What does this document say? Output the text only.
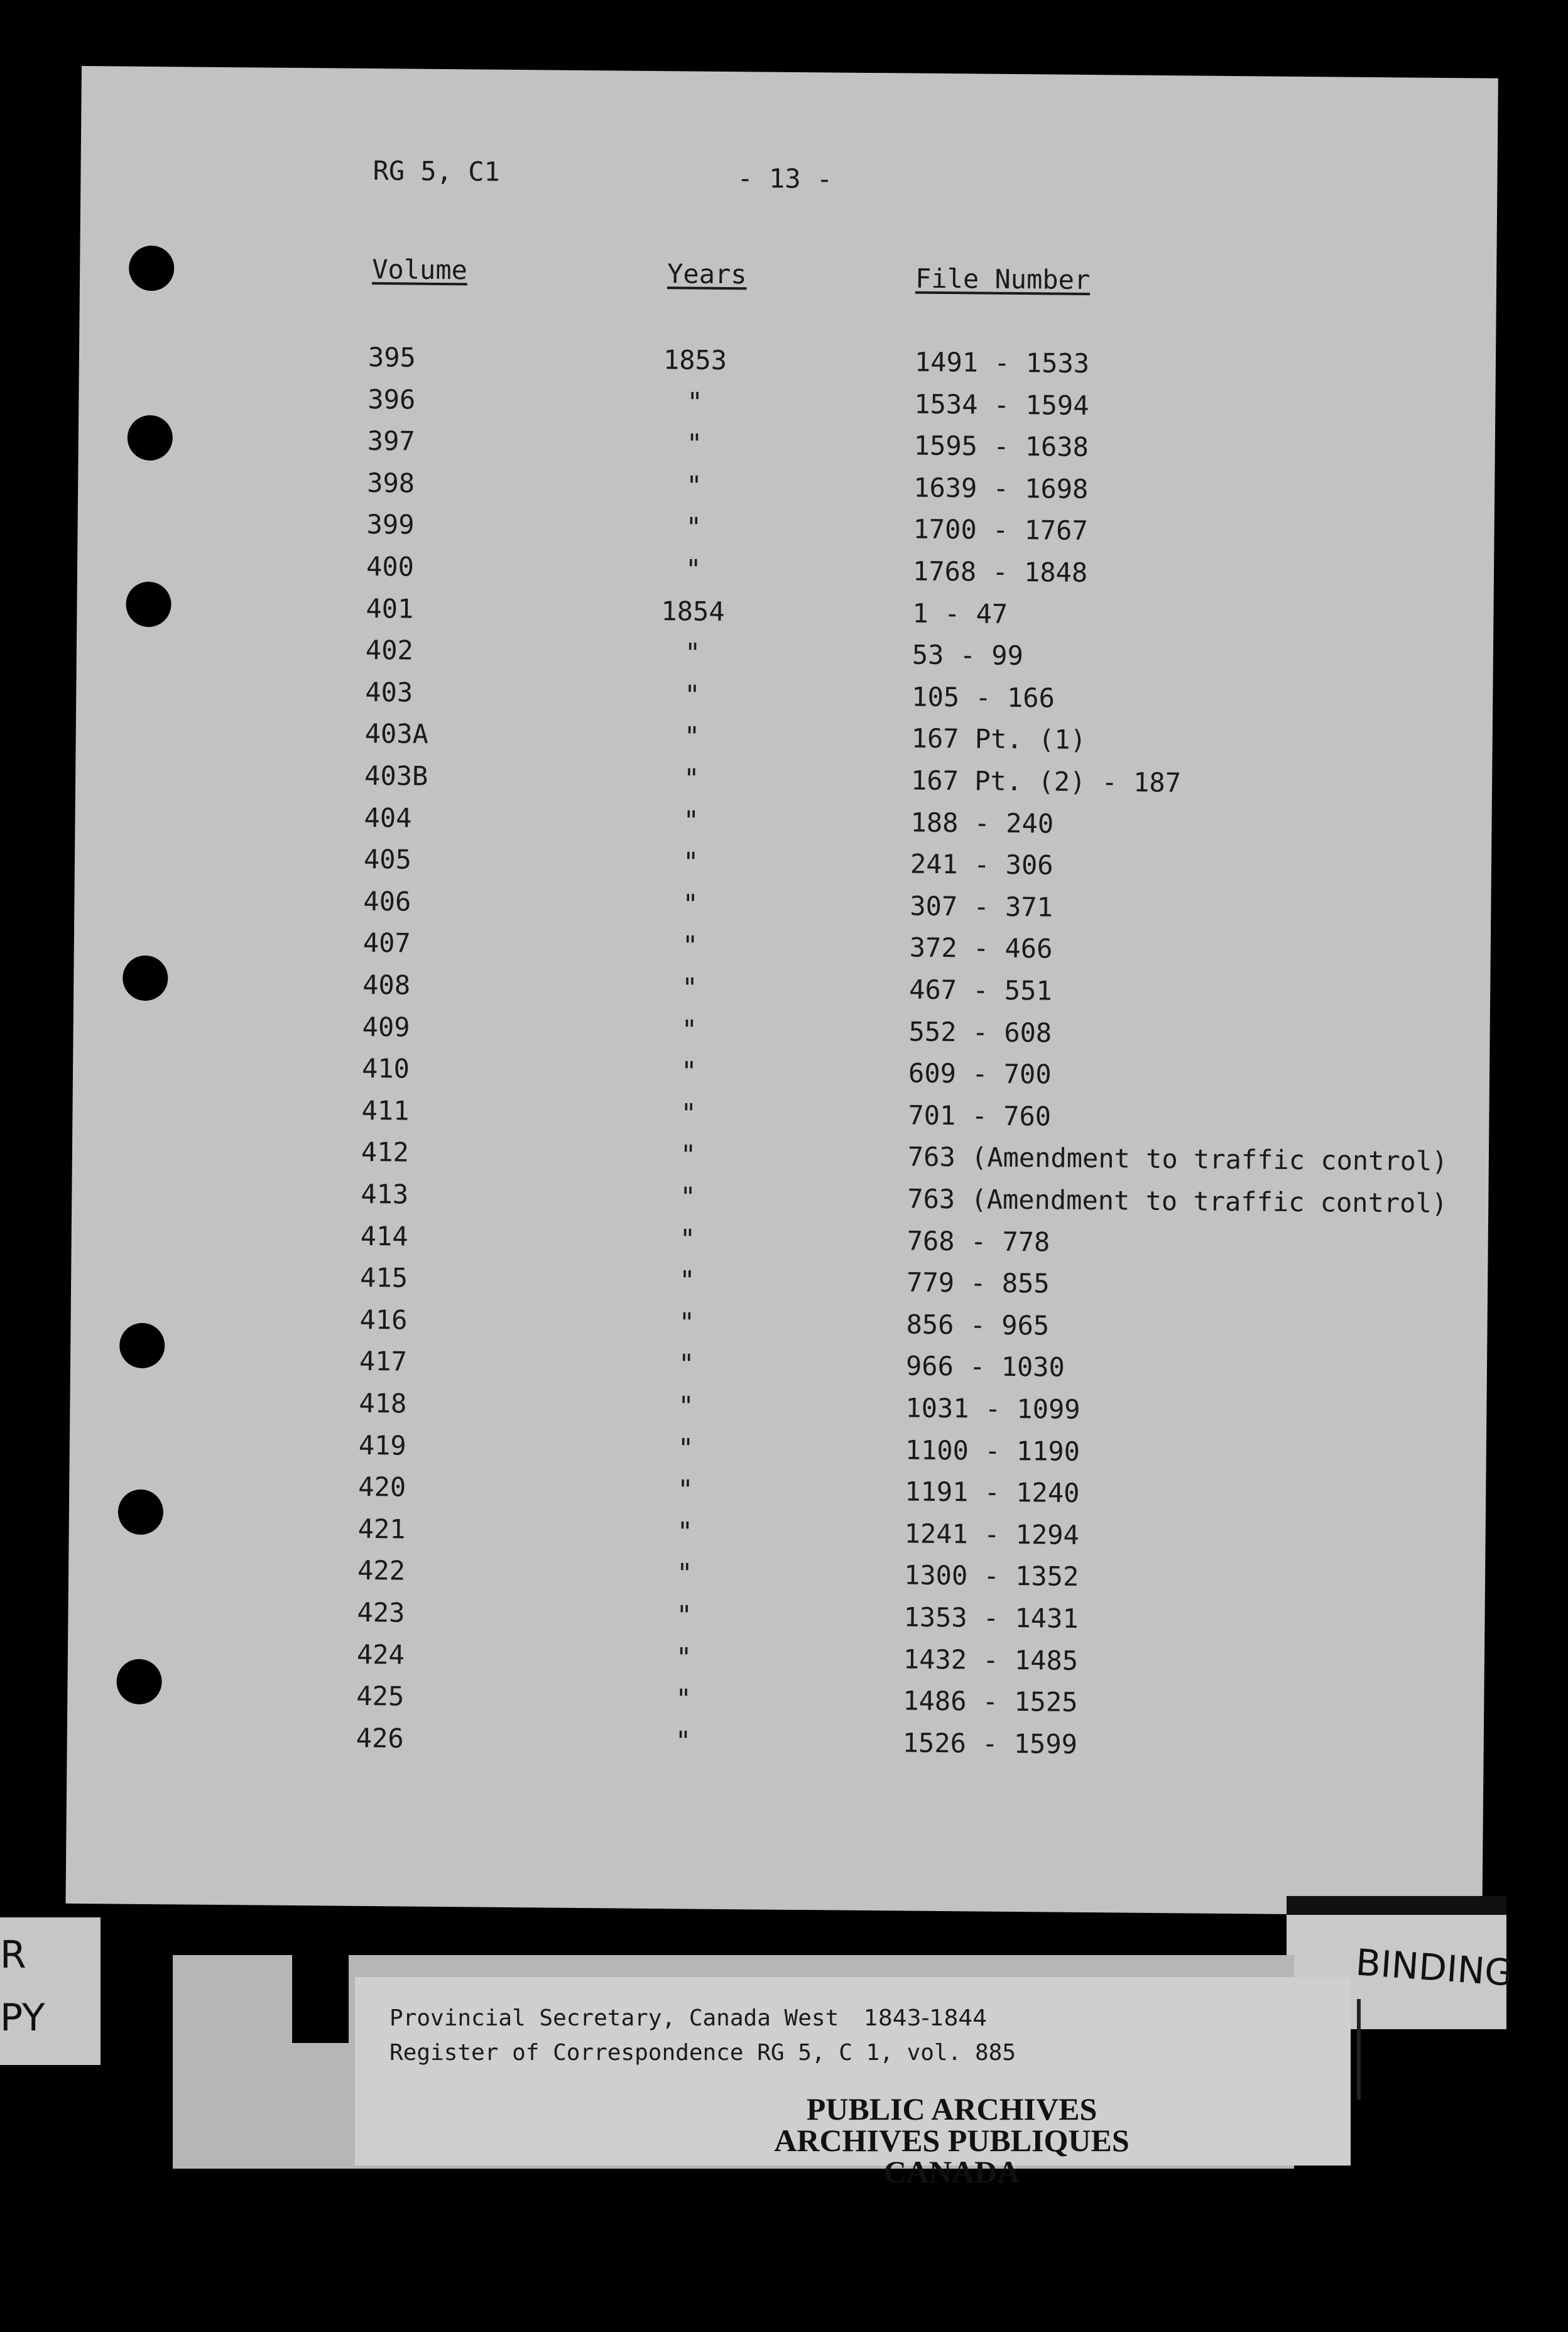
RG 5, C1	- 13 -
Volume	Years	File Number
395	1853	1491 - 1533
396	"	1534 - 1594
397	"	1595 - 1638
398	"	1639 - 1698
399	"	1700 - 1767
400	"	1768 - 1848
401	1854	1 - 47
402	"	53 - 99
403	"	105 - 166
403A	"	167 Pt. (1)
403B	"	167 Pt. (2) - 187
404	"	188 - 240
405	"	241 - 306
406	"	307 - 371
407	"	372 - 466
408	"	467 - 551
409	"	552 - 608
410	"	609 - 700
411	"	701 - 760
412	"	763 (Amendment to traffic control)
413	"	763 (Amendment to traffic control)
414	"	768 - 778
415	"	779 - 855
416	"	856 - 965
417	"	966 - 1030
418	"	1031 - 1099
419	"	1100 - 1190
420	"	1191 - 1240
421	"	1241 - 1294
422	"	1300 - 1352
423	"	1353 - 1431
424	"	1432 - 1485
425	"	1486 - 1525
426	"	1526 - 1599
R
PY
BINDING
Provincial Secretary, Canada West 1843-1844
Register of Correspondence RG 5, C 1, vol. 885
PUBLIC ARCHIVES
ARCHIVES PUBLIQUES
CANADA
